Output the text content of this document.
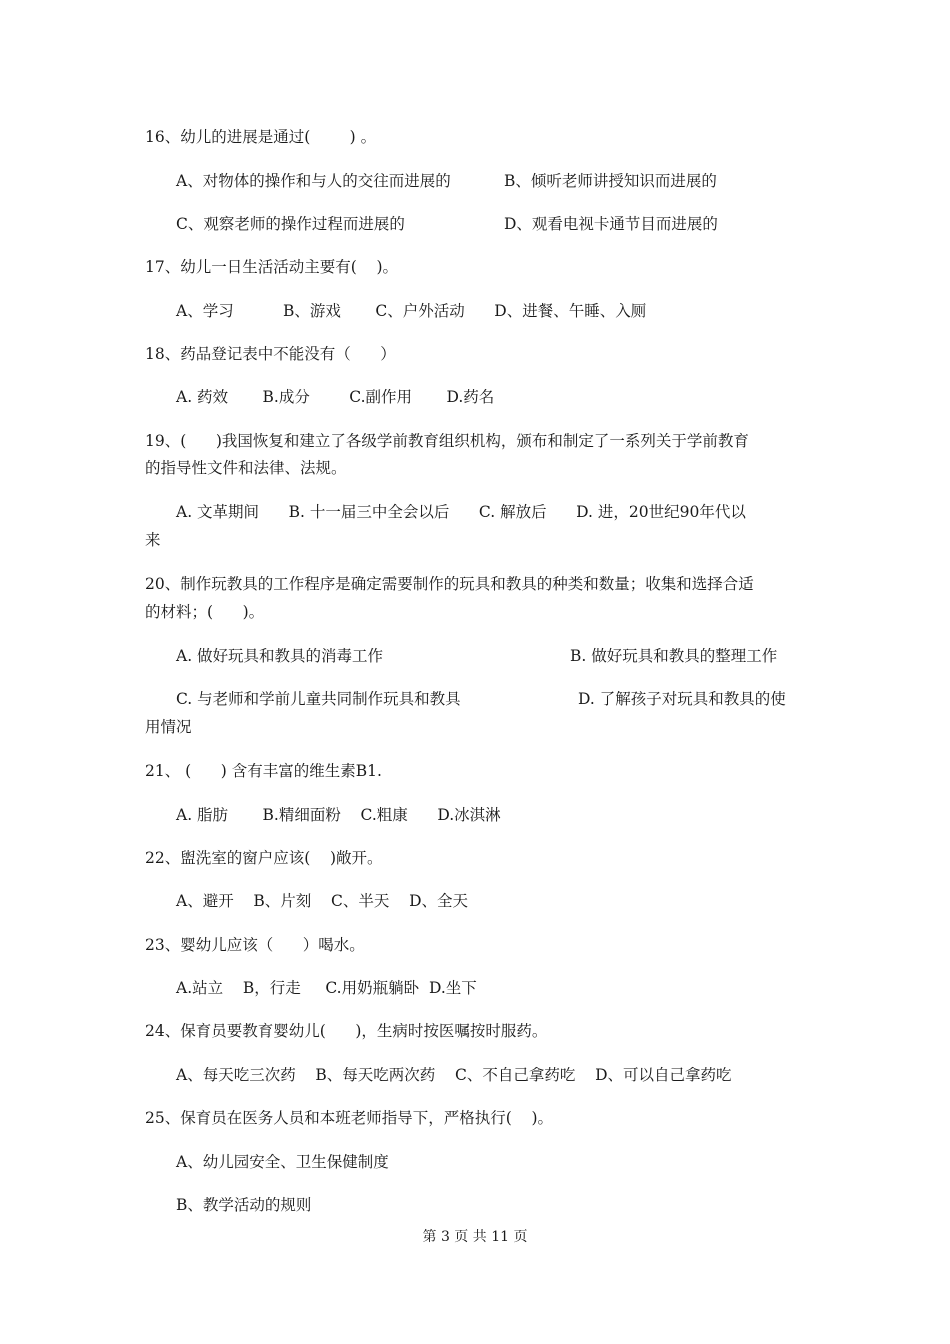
16、幼儿的进展是通过(        ) 。
A、对物体的操作和与人的交往而进展的	B、倾听老师讲授知识而进展的
C、观察老师的操作过程而进展的	D、观看电视卡通节目而进展的
17、幼儿一日生活活动主要有(    )。
A、学习          B、游戏       C、户外活动      D、进餐、午睡、入厕
18、药品登记表中不能没有（      ）
A. 药效       B.成分        C.副作用       D.药名
19、(      )我国恢复和建立了各级学前教育组织机构，颁布和制定了一系列关于学前教育
的指导性文件和法律、法规。
A. 文革期间      B. 十一届三中全会以后      C. 解放后      D. 进，20世纪90年代以
来
20、制作玩教具的工作程序是确定需要制作的玩具和教具的种类和数量；收集和选择合适
的材料；(      )。
A. 做好玩具和教具的消毒工作	B. 做好玩具和教具的整理工作
C. 与老师和学前儿童共同制作玩具和教具	D. 了解孩子对玩具和教具的使
用情况
21、 (      ) 含有丰富的维生素B1.
A. 脂肪       B.精细面粉    C.粗康      D.冰淇淋
22、盥洗室的窗户应该(    )敞开。
A、避开    B、片刻    C、半天    D、全天
23、婴幼儿应该（      ）喝水。
A.站立    B，行走     C.用奶瓶躺卧  D.坐下
24、保育员要教育婴幼儿(      )，生病时按医嘱按时服药。
A、每天吃三次药    B、每天吃两次药    C、不自己拿药吃    D、可以自己拿药吃
25、保育员在医务人员和本班老师指导下，严格执行(    )。
A、幼儿园安全、卫生保健制度
B、教学活动的规则
第 3 页 共 11 页
